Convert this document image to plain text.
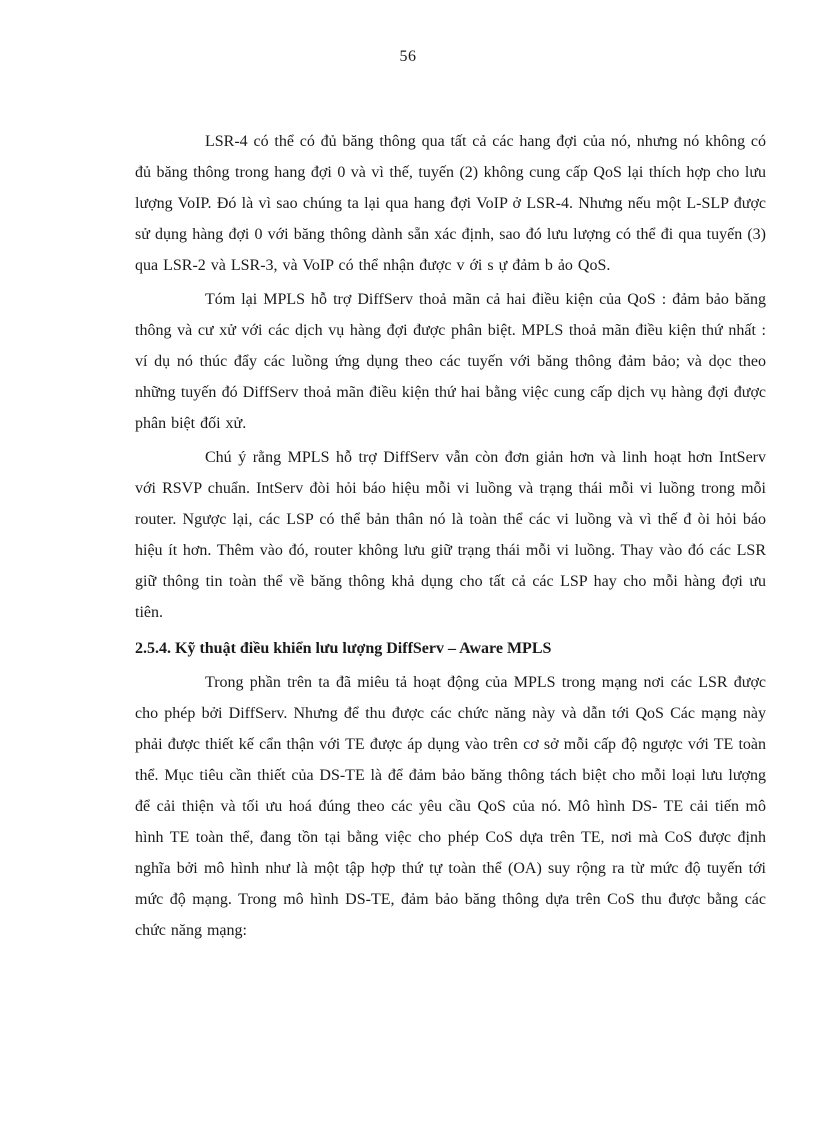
56

LSR-4 có thể có đủ băng thông qua tất cả các hang đợi của nó, nhưng nó không có đủ băng thông trong hang đợi 0 và vì thế, tuyến (2) không cung cấp QoS lại thích hợp cho lưu lượng VoIP. Đó là vì sao chúng ta lại qua hang đợi VoIP ở LSR-4. Nhưng nếu một L-SLP được sử dụng hàng đợi 0 với băng thông dành sẵn xác định, sao đó lưu lượng có thể đi qua tuyến (3) qua LSR-2 và LSR-3, và VoIP có thể nhận được v ới s ự đảm b ảo QoS.

Tóm lại MPLS hỗ trợ DiffServ thoả mãn cả hai điều kiện của QoS : đảm bảo băng thông và cư xử với các dịch vụ hàng đợi được phân biệt. MPLS thoả mãn điều kiện thứ nhất : ví dụ nó thúc đẩy các luồng ứng dụng theo các tuyến với băng thông đảm bảo; và dọc theo những tuyến đó DiffServ thoả mãn điều kiện thứ hai bằng việc cung cấp dịch vụ hàng đợi được phân biệt đối xử.

Chú ý rằng MPLS hỗ trợ DiffServ vẫn còn đơn giản hơn và linh hoạt hơn IntServ với RSVP chuẩn. IntServ đòi hỏi báo hiệu mỗi vi luồng và trạng thái mỗi vi luồng trong mỗi router. Ngược lại, các LSP có thể bản thân nó là toàn thể các vi luồng và vì thế đ òi hỏi báo hiệu ít hơn. Thêm vào đó, router không lưu giữ trạng thái mỗi vi luồng. Thay vào đó các LSR giữ thông tin toàn thể về băng thông khả dụng cho tất cả các LSP hay cho mỗi hàng đợi ưu tiên.

2.5.4. Kỹ thuật điều khiển lưu lượng DiffServ – Aware MPLS

Trong phần trên ta đã miêu tả hoạt động của MPLS trong mạng nơi các LSR được cho phép bởi DiffServ. Nhưng để thu được các chức năng này và dẫn tới QoS Các mạng này phải được thiết kế cẩn thận với TE được áp dụng vào trên cơ sở mỗi cấp độ ngược với TE toàn thể. Mục tiêu cần thiết của DS-TE là để đảm bảo băng thông tách biệt cho mỗi loại lưu lượng để cải thiện và tối ưu hoá đúng theo các yêu cầu QoS của nó. Mô hình DS- TE cải tiến mô hình TE toàn thể, đang tồn tại bằng việc cho phép CoS dựa trên TE, nơi mà CoS được định nghĩa bởi mô hình như là một tập hợp thứ tự toàn thể (OA) suy rộng ra từ mức độ tuyến tới mức độ mạng. Trong mô hình DS-TE, đảm bảo băng thông dựa trên CoS thu được bằng các chức năng mạng:
